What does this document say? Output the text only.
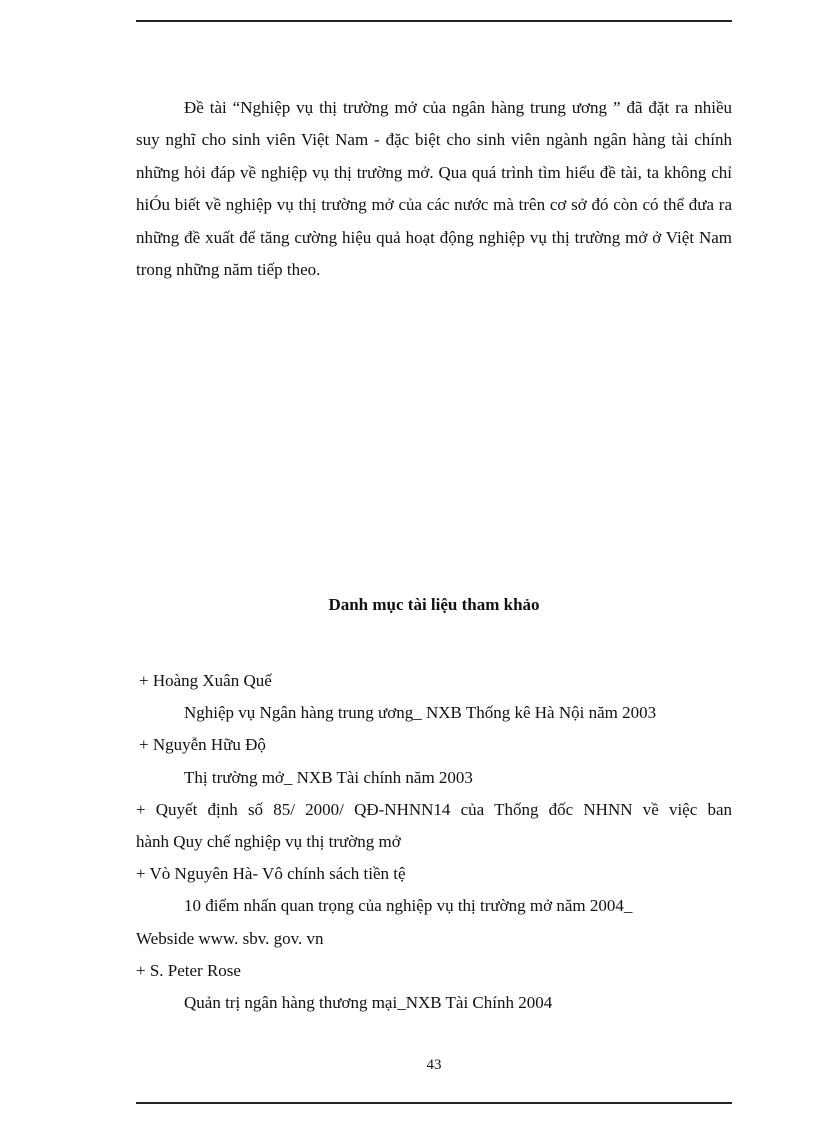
Đề tài “Nghiệp vụ thị trường mở của ngân hàng trung ương ” đã đặt ra nhiều suy nghĩ cho sinh viên Việt Nam - đặc biệt cho sinh viên ngành ngân hàng tài chính những hỏi đáp về nghiệp vụ thị trường mở. Qua quá trình tìm hiểu đề tài, ta không chỉ hiÓu biết về nghiệp vụ thị trường mở của các nước mà trên cơ sở đó còn có thể đưa ra những đề xuất để tăng cường hiệu quả hoạt động nghiệp vụ thị trường mở ở Việt Nam trong những năm tiếp theo.

Danh mục tài liệu tham khảo
+ Hoàng Xuân Quế
Nghiệp vụ Ngân hàng trung ương_ NXB Thống kê Hà Nội năm 2003
+ Nguyễn Hữu Độ
Thị trường mở_ NXB Tài chính năm 2003
+ Quyết định số 85/ 2000/ QĐ-NHNN14 của Thống đốc NHNN về việc ban
hành Quy chế nghiệp vụ thị trường mở
+ Vò Nguyên Hà- Vô chính sách tiền tệ
10 điểm nhấn quan trọng của nghiệp vụ thị trường mở năm 2004_
Webside www. sbv. gov. vn
+ S. Peter Rose
Quản trị ngân hàng thương mại_NXB Tài Chính 2004
43
